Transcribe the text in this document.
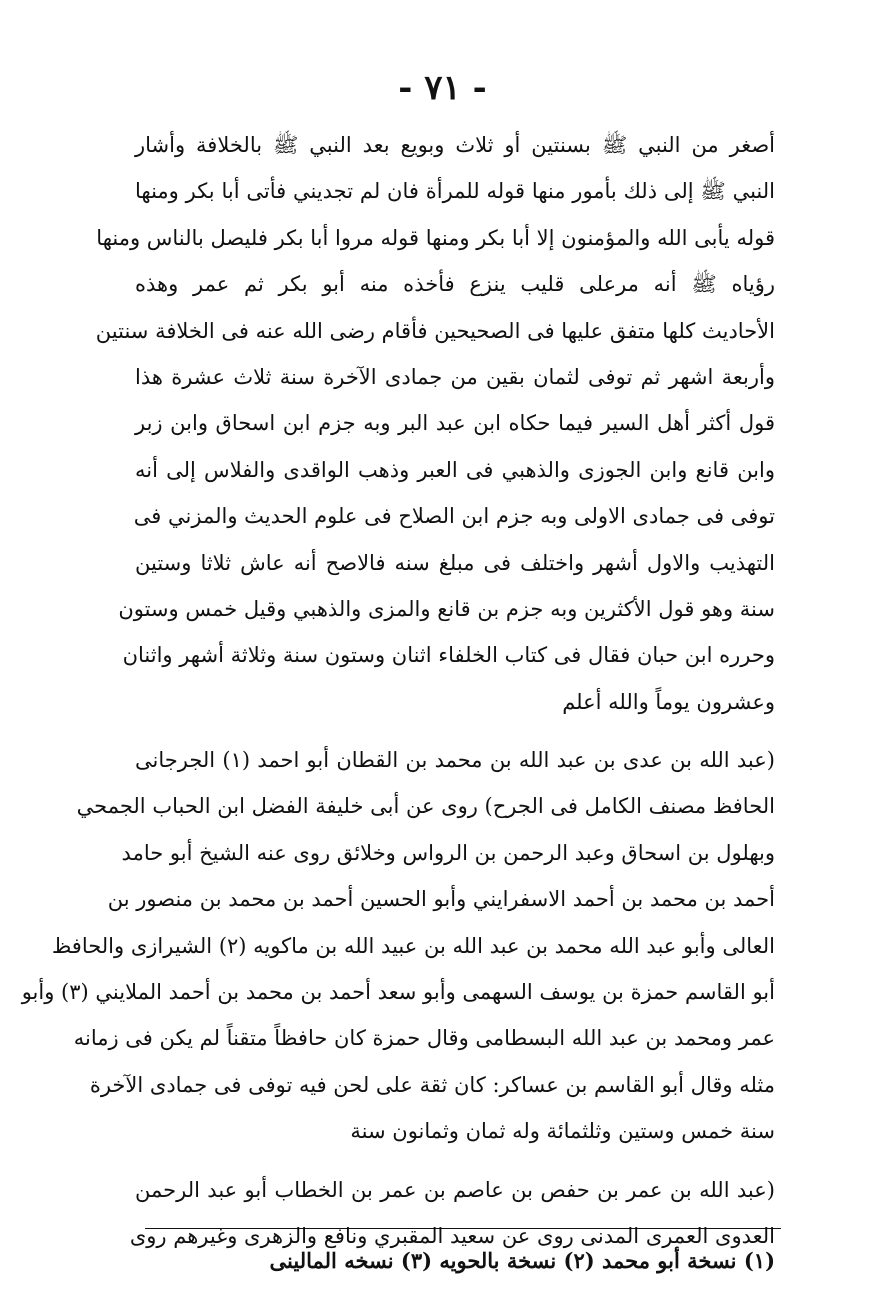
- ٧١ -
أصغر من النبي ﷺ بسنتين أو ثلاث وبويع بعد النبي ﷺ بالخلافة وأشار
النبي ﷺ إلى ذلك بأمور منها قوله للمرأة فان لم تجديني فأتى أبا بكر ومنها
قوله يأبى الله والمؤمنون إلا أبا بكر ومنها قوله مروا أبا بكر فليصل بالناس ومنها
رؤياه ﷺ أنه مرعلى قليب ينزع فأخذه منه أبو بكر ثم عمر وهذه
الأحاديث كلها متفق عليها فى الصحيحين فأقام رضى الله عنه فى الخلافة سنتين
وأربعة اشهر ثم توفى لثمان بقين من جمادى الآخرة سنة ثلاث عشرة هذا
قول أكثر أهل السير فيما حكاه ابن عبد البر وبه جزم ابن اسحاق وابن زبر
وابن قانع وابن الجوزى والذهبي فى العبر وذهب الواقدى والفلاس إلى أنه
توفى فى جمادى الاولى وبه جزم ابن الصلاح فى علوم الحديث والمزني فى
التهذيب والاول أشهر واختلف فى مبلغ سنه فالاصح أنه عاش ثلاثا وستين
سنة وهو قول الأكثرين وبه جزم بن قانع والمزى والذهبي وقيل خمس وستون
وحرره ابن حبان فقال فى كتاب الخلفاء اثنان وستون سنة وثلاثة أشهر واثنان
وعشرون يوماً والله أعلم
(عبد الله بن عدى بن عبد الله بن محمد بن القطان أبو احمد (١) الجرجانى
الحافظ مصنف الكامل فى الجرح) روى عن أبى خليفة الفضل ابن الحباب الجمحي
وبهلول بن اسحاق وعبد الرحمن بن الرواس وخلائق روى عنه الشيخ أبو حامد
أحمد بن محمد بن أحمد الاسفرايني وأبو الحسين أحمد بن محمد بن منصور بن
العالى وأبو عبد الله محمد بن عبد الله بن عبيد الله بن ماكويه (٢) الشيرازى والحافظ
أبو القاسم حمزة بن يوسف السهمى وأبو سعد أحمد بن محمد بن أحمد الملايني (٣) وأبو
عمر ومحمد بن عبد الله البسطامى وقال حمزة كان حافظاً متقناً لم يكن فى زمانه
مثله وقال أبو القاسم بن عساكر: كان ثقة على لحن فيه توفى فى جمادى الآخرة
سنة خمس وستين وثلثمائة وله ثمان وثمانون سنة
(عبد الله بن عمر بن حفص بن عاصم بن عمر بن الخطاب أبو عبد الرحمن
العدوى العمرى المدنى روى عن سعيد المقبري ونافع والزهرى وغيرهم روى
(١) نسخة أبو محمد (٢) نسخة بالحويه (٣) نسخه المالينى
